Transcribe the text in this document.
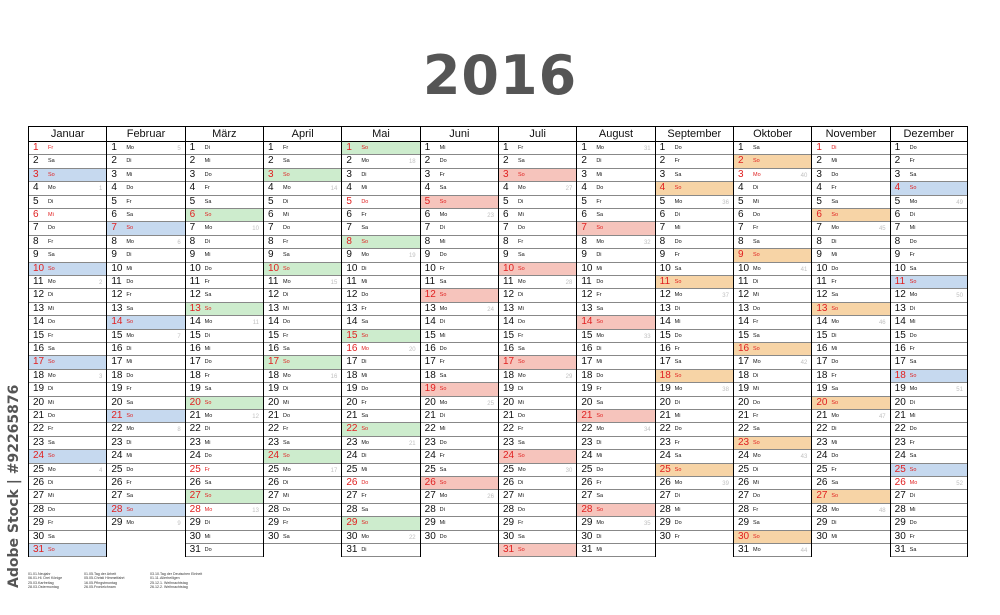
2016
Adobe Stock | #92265876
Januar
1 Fr
2 Sa
3 So
4 Mo	1
5 Di
6 Mi
7 Do
8 Fr
9 Sa
10 So
11 Mo	2
12 Di
13 Mi
14 Do
15 Fr
16 Sa
17 So
18 Mo	3
19 Di
20 Mi
21 Do
22 Fr
23 Sa
24 So
25 Mo	4
26 Di
27 Mi
28 Do
29 Fr
30 Sa
31 So
Februar
1 Mo	5
2 Di
3 Mi
4 Do
5 Fr
6 Sa
7 So
8 Mo	6
9 Di
10 Mi
11 Do
12 Fr
13 Sa
14 So
15 Mo	7
16 Di
17 Mi
18 Do
19 Fr
20 Sa
21 So
22 Mo	8
23 Di
24 Mi
25 Do
26 Fr
27 Sa
28 So
29 Mo	9
März
1 Di
2 Mi
3 Do
4 Fr
5 Sa
6 So
7 Mo	10
8 Di
9 Mi
10 Do
11 Fr
12 Sa
13 So
14 Mo	11
15 Di
16 Mi
17 Do
18 Fr
19 Sa
20 So
21 Mo	12
22 Di
23 Mi
24 Do
25 Fr
26 Sa
27 So
28 Mo	13
29 Di
30 Mi
31 Do
April
1 Fr
2 Sa
3 So
4 Mo	14
5 Di
6 Mi
7 Do
8 Fr
9 Sa
10 So
11 Mo	15
12 Di
13 Mi
14 Do
15 Fr
16 Sa
17 So
18 Mo	16
19 Di
20 Mi
21 Do
22 Fr
23 Sa
24 So
25 Mo	17
26 Di
27 Mi
28 Do
29 Fr
30 Sa
Mai
1 So
2 Mo	18
3 Di
4 Mi
5 Do
6 Fr
7 Sa
8 So
9 Mo	19
10 Di
11 Mi
12 Do
13 Fr
14 Sa
15 So
16 Mo	20
17 Di
18 Mi
19 Do
20 Fr
21 Sa
22 So
23 Mo	21
24 Di
25 Mi
26 Do
27 Fr
28 Sa
29 So
30 Mo	22
31 Di
Juni
1 Mi
2 Do
3 Fr
4 Sa
5 So
6 Mo	23
7 Di
8 Mi
9 Do
10 Fr
11 Sa
12 So
13 Mo	24
14 Di
15 Mi
16 Do
17 Fr
18 Sa
19 So
20 Mo	25
21 Di
22 Mi
23 Do
24 Fr
25 Sa
26 So
27 Mo	26
28 Di
29 Mi
30 Do
Juli
1 Fr
2 Sa
3 So
4 Mo	27
5 Di
6 Mi
7 Do
8 Fr
9 Sa
10 So
11 Mo	28
12 Di
13 Mi
14 Do
15 Fr
16 Sa
17 So
18 Mo	29
19 Di
20 Mi
21 Do
22 Fr
23 Sa
24 So
25 Mo	30
26 Di
27 Mi
28 Do
29 Fr
30 Sa
31 So
August
1 Mo	31
2 Di
3 Mi
4 Do
5 Fr
6 Sa
7 So
8 Mo	32
9 Di
10 Mi
11 Do
12 Fr
13 Sa
14 So
15 Mo	33
16 Di
17 Mi
18 Do
19 Fr
20 Sa
21 So
22 Mo	34
23 Di
24 Mi
25 Do
26 Fr
27 Sa
28 So
29 Mo	35
30 Di
31 Mi
September
1 Do
2 Fr
3 Sa
4 So
5 Mo	36
6 Di
7 Mi
8 Do
9 Fr
10 Sa
11 So
12 Mo	37
13 Di
14 Mi
15 Do
16 Fr
17 Sa
18 So
19 Mo	38
20 Di
21 Mi
22 Do
23 Fr
24 Sa
25 So
26 Mo	39
27 Di
28 Mi
29 Do
30 Fr
Oktober
1 Sa
2 So
3 Mo	40
4 Di
5 Mi
6 Do
7 Fr
8 Sa
9 So
10 Mo	41
11 Di
12 Mi
13 Do
14 Fr
15 Sa
16 So
17 Mo	42
18 Di
19 Mi
20 Do
21 Fr
22 Sa
23 So
24 Mo	43
25 Di
26 Mi
27 Do
28 Fr
29 Sa
30 So
31 Mo	44
November
1 Di
2 Mi
3 Do
4 Fr
5 Sa
6 So
7 Mo	45
8 Di
9 Mi
10 Do
11 Fr
12 Sa
13 So
14 Mo	46
15 Di
16 Mi
17 Do
18 Fr
19 Sa
20 So
21 Mo	47
22 Di
23 Mi
24 Do
25 Fr
26 Sa
27 So
28 Mo	48
29 Di
30 Mi
Dezember
1 Do
2 Fr
3 Sa
4 So
5 Mo	49
6 Di
7 Mi
8 Do
9 Fr
10 Sa
11 So
12 Mo	50
13 Di
14 Mi
15 Do
16 Fr
17 Sa
18 So
19 Mo	51
20 Di
21 Mi
22 Do
23 Fr
24 Sa
25 So
26 Mo	52
27 Di
28 Mi
29 Do
30 Fr
31 Sa
01.01.Neujahr
06.01.Hl. Drei Könige
25.03.Karfreitag
28.03.Ostermontag
01.05.Tag der Arbeit
05.05.Christi Himmelfahrt
16.05.Pfingstmontag
26.05.Fronleichnam
03.10.Tag der Deutschen Einheit
01.11.Allerheiligen
25.12.1. Weihnachtstag
26.12.2. Weihnachtstag
